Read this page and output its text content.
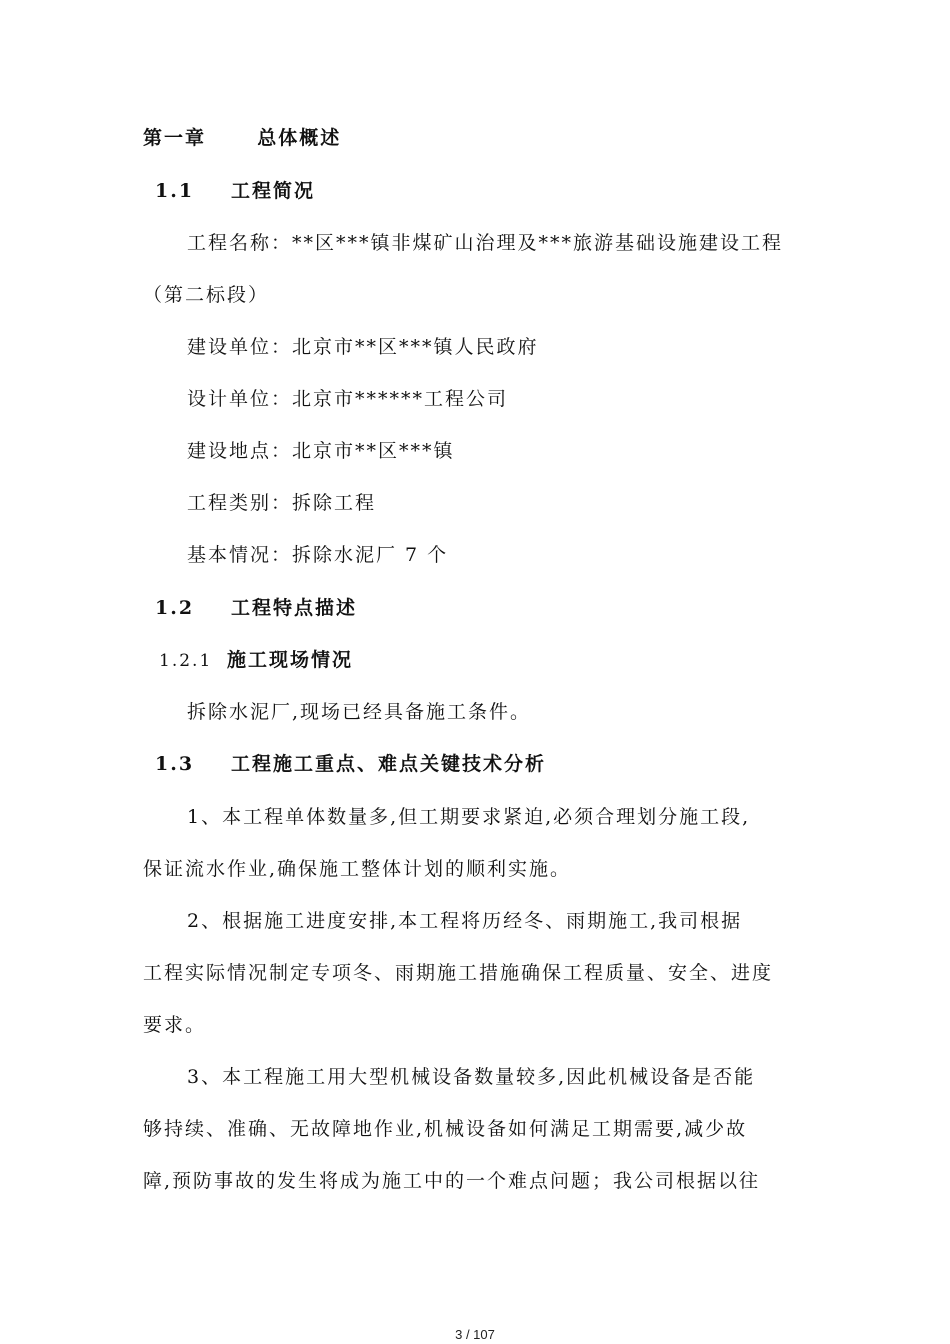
第一章	总体概述
1.1 工程简况
工程名称：**区***镇非煤矿山治理及***旅游基础设施建设工程
（第二标段）
建设单位：北京市**区***镇人民政府
设计单位：北京市******工程公司
建设地点：北京市**区***镇
工程类别：拆除工程
基本情况：拆除水泥厂 7 个
1.2 工程特点描述
1.2.1 施工现场情况
拆除水泥厂,现场已经具备施工条件。
1.3 工程施工重点、难点关键技术分析
1、本工程单体数量多,但工期要求紧迫,必须合理划分施工段,
保证流水作业,确保施工整体计划的顺利实施。
2、根据施工进度安排,本工程将历经冬、雨期施工,我司根据
工程实际情况制定专项冬、雨期施工措施确保工程质量、安全、进度
要求。
3、本工程施工用大型机械设备数量较多,因此机械设备是否能
够持续、准确、无故障地作业,机械设备如何满足工期需要,减少故
障,预防事故的发生将成为施工中的一个难点问题；我公司根据以往
3 / 107
